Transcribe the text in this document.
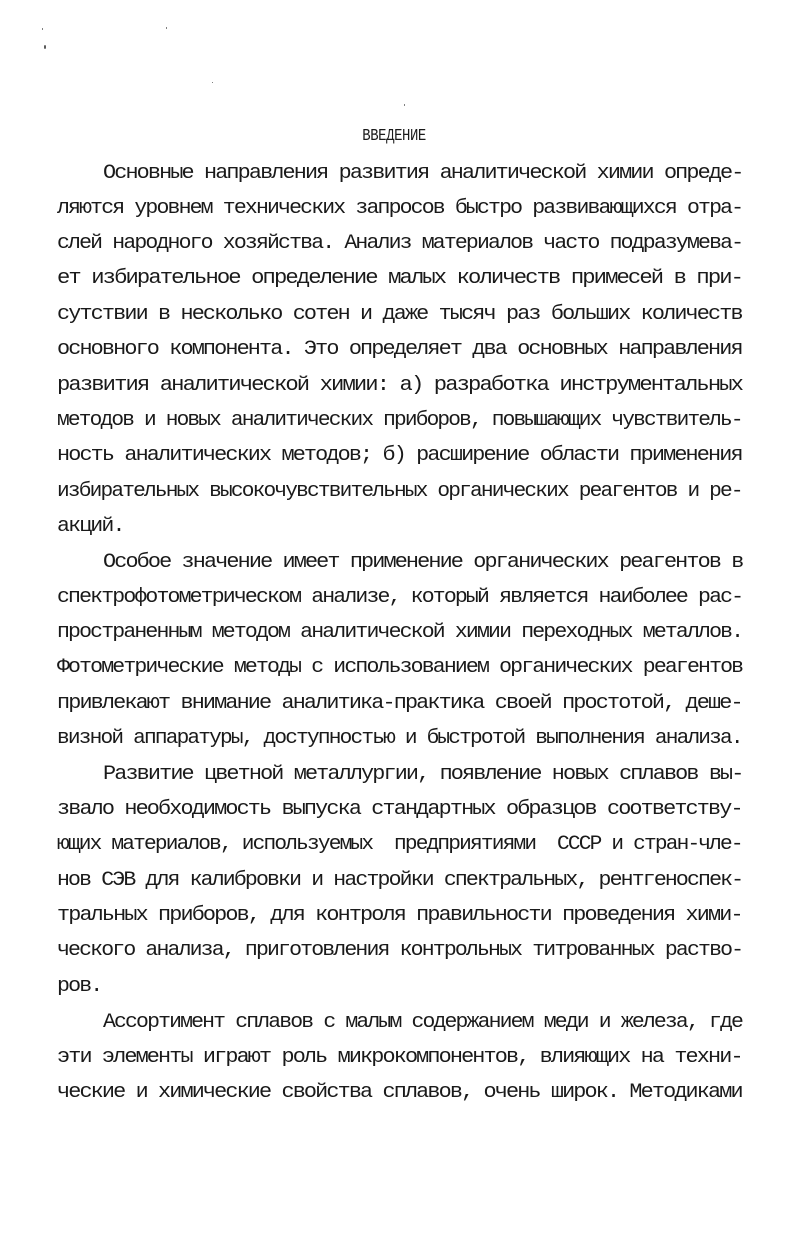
ВВЕДЕНИЕ
Основные направления развития аналитической химии опреде-
ляются уровнем технических запросов быстро развивающихся отра-
слей народного хозяйства. Анализ материалов часто подразумева-
ет избирательное определение малых количеств примесей в при-
сутствии в несколько сотен и даже тысяч раз больших количеств
основного компонента. Это определяет два основных направления
развития аналитической химии: а) разработка инструментальных
методов и новых аналитических приборов, повышающих чувствитель-
ность аналитических методов; б) расширение области применения
избирательных высокочувствительных органических реагентов и ре-
акций.
Особое значение имеет применение органических реагентов в
спектрофотометрическом анализе, который является наиболее рас-
пространенным методом аналитической химии переходных металлов.
Фотометрические методы с использованием органических реагентов
привлекают внимание аналитика-практика своей простотой, деше-
визной аппаратуры, доступностью и быстротой выполнения анализа.
Развитие цветной металлургии, появление новых сплавов вы-
звало необходимость выпуска стандартных образцов соответству-
ющих материалов, используемых  предприятиями  СССР и стран-чле-
нов СЭВ для калибровки и настройки спектральных, рентгеноспек-
тральных приборов, для контроля правильности проведения хими-
ческого анализа, приготовления контрольных титрованных раство-
ров.
Ассортимент сплавов с малым содержанием меди и железа, где
эти элементы играют роль микрокомпонентов, влияющих на техни-
ческие и химические свойства сплавов, очень широк. Методиками
